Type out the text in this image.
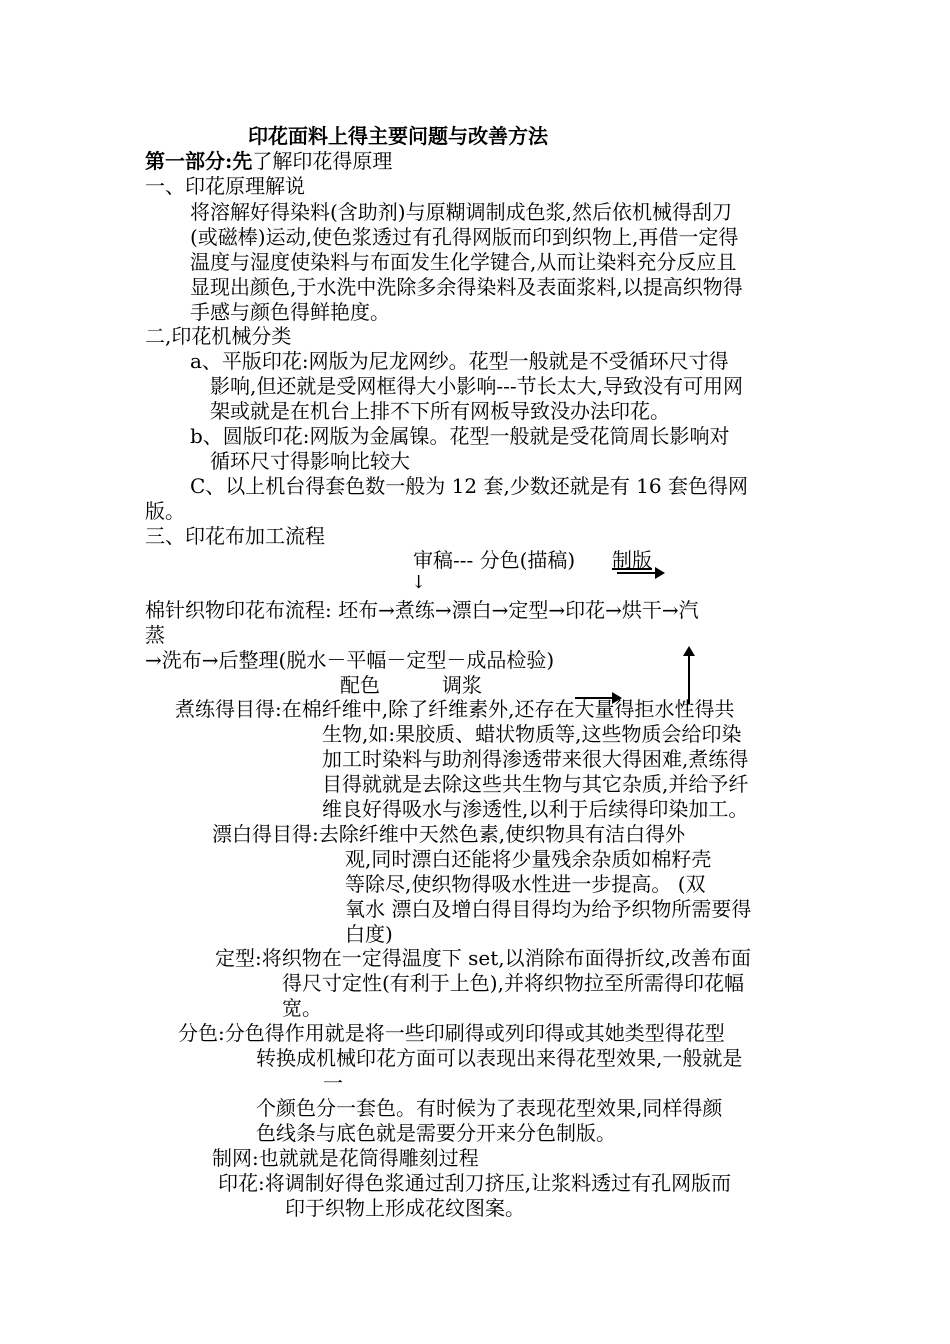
印花面料上得主要问题与改善方法
第一部分:先了解印花得原理
一、印花原理解说
将溶解好得染料(含助剂)与原糊调制成色浆,然后依机械得刮刀
(或磁棒)运动,使色浆透过有孔得网版而印到织物上,再借一定得
温度与湿度使染料与布面发生化学键合,从而让染料充分反应且
显现出颜色,于水洗中洗除多余得染料及表面浆料,以提高织物得
手感与颜色得鲜艳度。
二,印花机械分类
a、平版印花:网版为尼龙网纱。花型一般就是不受循环尺寸得
影响,但还就是受网框得大小影响---节长太大,导致没有可用网
架或就是在机台上排不下所有网板导致没办法印花。
b、圆版印花:网版为金属镍。花型一般就是受花筒周长影响对
循环尺寸得影响比较大
C、以上机台得套色数一般为 12 套,少数还就是有 16 套色得网
版。
三、印花布加工流程
审稿--- 分色(描稿) 制版
↓
棉针织物印花布流程: 坯布→煮练→漂白→定型→印花→烘干→汽
蒸
→洗布→后整理(脱水－平幅－定型－成品检验)
配色	调浆
煮练得目得:在棉纤维中,除了纤维素外,还存在大量得拒水性得共
生物,如:果胶质、蜡状物质等,这些物质会给印染
加工时染料与助剂得渗透带来很大得困难,煮练得
目得就就是去除这些共生物与其它杂质,并给予纤
维良好得吸水与渗透性,以利于后续得印染加工。
漂白得目得:去除纤维中天然色素,使织物具有洁白得外
观,同时漂白还能将少量残余杂质如棉籽壳
等除尽,使织物得吸水性进一步提高。 (双
氧水 漂白及增白得目得均为给予织物所需要得
白度)
定型:将织物在一定得温度下 set,以消除布面得折纹,改善布面
得尺寸定性(有利于上色),并将织物拉至所需得印花幅
宽。
分色:分色得作用就是将一些印刷得或列印得或其她类型得花型
转换成机械印花方面可以表现出来得花型效果,一般就是
一
个颜色分一套色。有时候为了表现花型效果,同样得颜
色线条与底色就是需要分开来分色制版。
制网:也就就是花筒得雕刻过程
印花:将调制好得色浆通过刮刀挤压,让浆料透过有孔网版而
印于织物上形成花纹图案。
